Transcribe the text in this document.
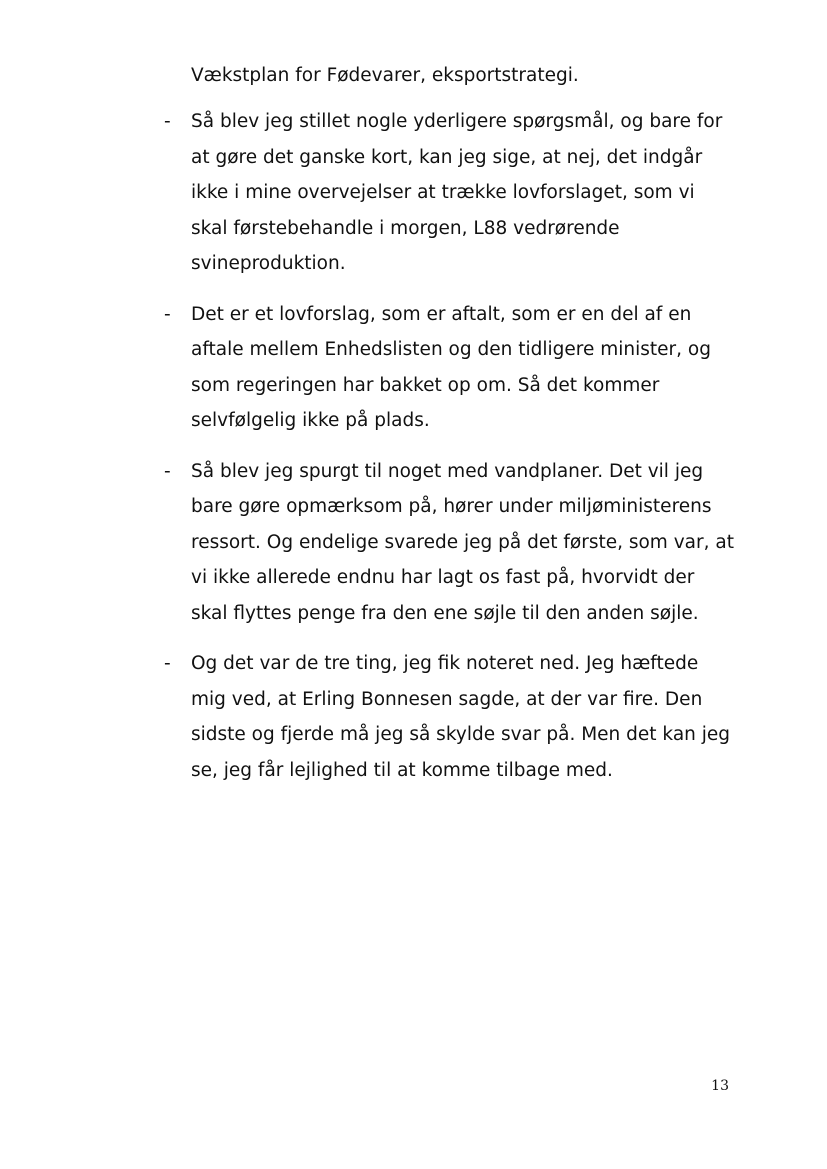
Vækstplan for Fødevarer, eksportstrategi.

- Så blev jeg stillet nogle yderligere spørgsmål, og bare for at gøre det ganske kort, kan jeg sige, at nej, det indgår ikke i mine overvejelser at trække lovforslaget, som vi skal førstebehandle i morgen, L88 vedrørende svineproduktion.
- Det er et lovforslag, som er aftalt, som er en del af en aftale mellem Enhedslisten og den tidligere minister, og som regeringen har bakket op om. Så det kommer selvfølgelig ikke på plads.
- Så blev jeg spurgt til noget med vandplaner. Det vil jeg bare gøre opmærksom på, hører under miljøministerens ressort. Og endelige svarede jeg på det første, som var, at vi ikke allerede endnu har lagt os fast på, hvorvidt der skal flyttes penge fra den ene søjle til den anden søjle.
- Og det var de tre ting, jeg fik noteret ned. Jeg hæftede mig ved, at Erling Bonnesen sagde, at der var fire. Den sidste og fjerde må jeg så skylde svar på. Men det kan jeg se, jeg får lejlighed til at komme tilbage med.
13
